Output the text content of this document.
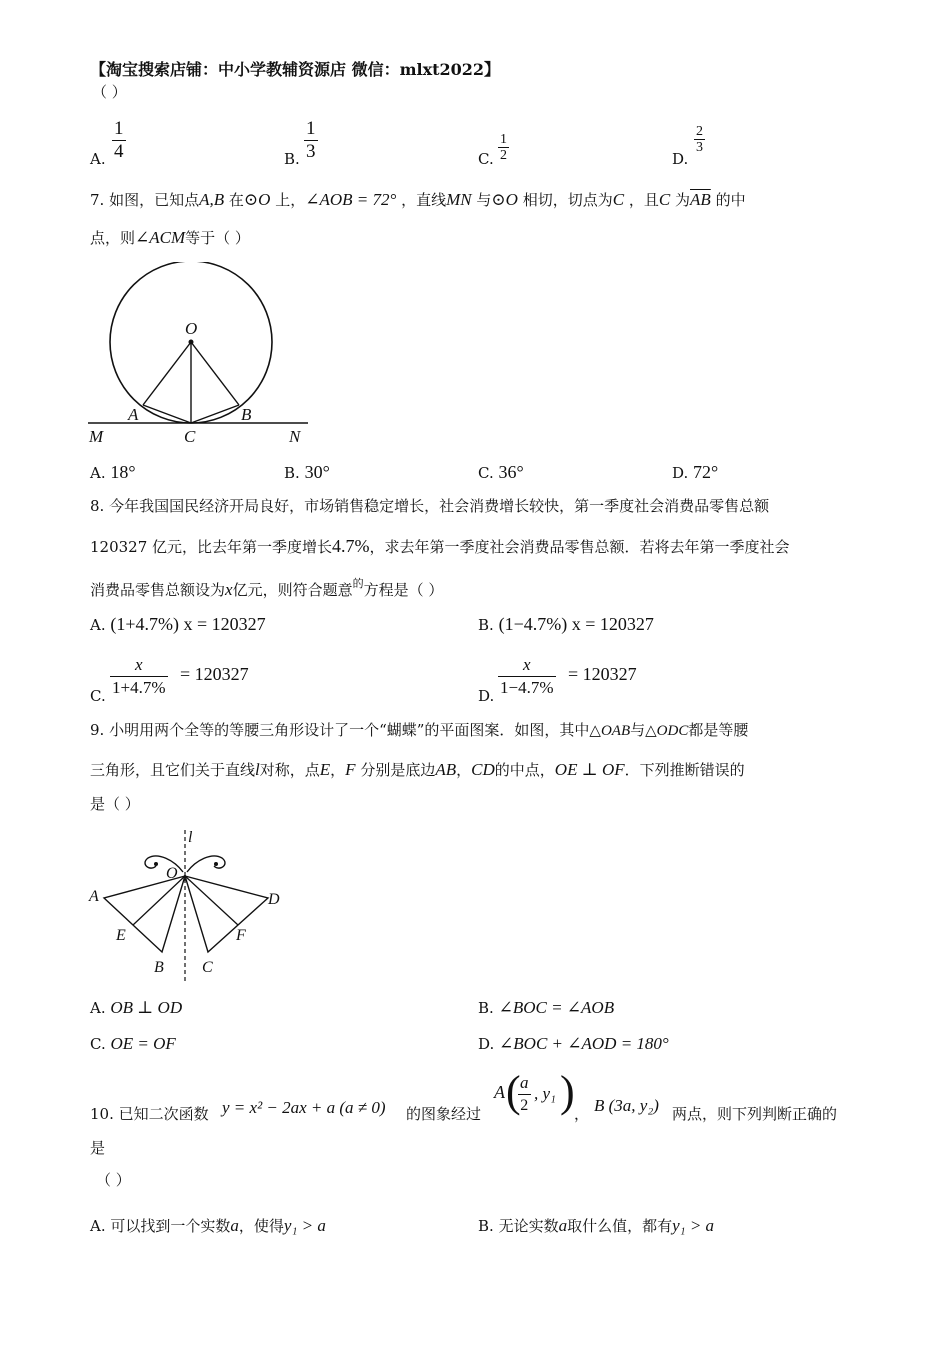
【淘宝搜索店铺：中小学教辅资源店 微信：mlxt2022】
（ ）
A. $\frac{1}{4}$	B. $\frac{1}{3}$	C. $\frac{1}{2}$	D.
$\frac{2}{3}$
7. 如图，已知点A,B 在⊙O 上，∠AOB = 72° ，直线MN 与⊙O 相切，切点为C ，且C 为$\overline{AB}$ 的中
点，则∠ACM等于（ ）
O
A	B
C
M	N
A. 18°	B. 30°	C. 36°	D. 72°
8. 今年我国国民经济开局良好，市场销售稳定增长，社会消费增长较快，第一季度社会消费品零售总额
120327 亿元，比去年第一季度增长4.7%，求去年第一季度社会消费品零售总额．若将去年第一季度社会
消费品零售总额设为x亿元，则符合题意$^的$方程是（ ）
A. (1+4.7%) x = 120327	B. (1−4.7%) x = 120327
C. $\frac{x}{1+4.7\%} = 120327$
D. $\frac{x}{1-4.7\%} = 120327$
9. 小明用两个全等的等腰三角形设计了一个“蝴蝶”的平面图案．如图，其中△OAB与△ODC都是等腰
三角形，且它们关于直线l对称，点E，F 分别是底边AB，CD的中点，OE ⊥ OF．下列推断错误的
是（ ）
l
O
A
B C
D
E	F
A. OB ⊥ OD	B. ∠BOC = ∠AOB
C. OE = OF	D. ∠BOC + ∠AOD = 180°
10. 已知二次函数 y = x² − 2ax + a (a ≠ 0) 的图象经过
A (
$\frac{a}{2}$ , y₁ ) ， B (3a, y₂) 两点，则下列判断正确的
是
（ ）
A. 可以找到一个实数a，使得y₁ > a	B. 无论实数a取什么值，都有y₁ > a
